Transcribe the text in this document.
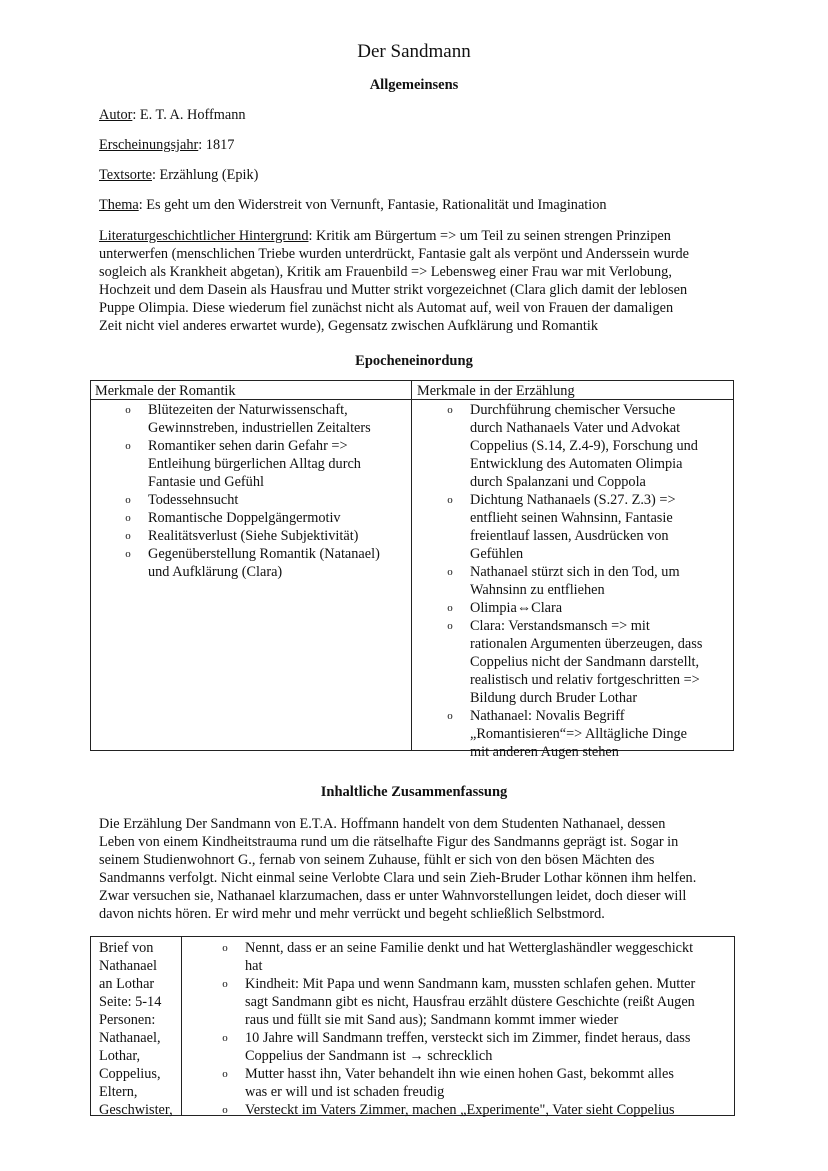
Der Sandmann
Allgemeinsens
Autor: E. T. A. Hoffmann
Erscheinungsjahr: 1817
Textsorte: Erzählung (Epik)
Thema: Es geht um den Widerstreit von Vernunft, Fantasie, Rationalität und Imagination
Literaturgeschichtlicher Hintergrund: Kritik am Bürgertum => um Teil zu seinen strengen Prinzipen
unterwerfen (menschlichen Triebe wurden unterdrückt, Fantasie galt als verpönt und Anderssein wurde
sogleich als Krankheit abgetan), Kritik am Frauenbild => Lebensweg einer Frau war mit Verlobung,
Hochzeit und dem Dasein als Hausfrau und Mutter strikt vorgezeichnet (Clara glich damit der leblosen
Puppe Olimpia. Diese wiederum fiel zunächst nicht als Automat auf, weil von Frauen der damaligen
Zeit nicht viel anderes erwartet wurde), Gegensatz zwischen Aufklärung und Romantik
Epocheneinordung
Merkmale der Romantik	Merkmale in der Erzählung
o Blütezeiten der Naturwissenschaft,
Gewinnstreben, industriellen Zeitalters
o Romantiker sehen darin Gefahr =>
Entleihung bürgerlichen Alltag durch
Fantasie und Gefühl
o Todessehnsucht
o Romantische Doppelgängermotiv
o Realitätsverlust (Siehe Subjektivität)
o Gegenüberstellung Romantik (Natanael)
und Aufklärung (Clara)
o Durchführung chemischer Versuche
durch Nathanaels Vater und Advokat
Coppelius (S.14, Z.4-9), Forschung und
Entwicklung des Automaten Olimpia
durch Spalanzani und Coppola
o Dichtung Nathanaels (S.27. Z.3) =>
entflieht seinen Wahnsinn, Fantasie
freientlauf lassen, Ausdrücken von
Gefühlen
o Nathanael stürzt sich in den Tod, um
Wahnsinn zu entfliehen
o Olimpia⇔Clara
o Clara: Verstandsmansch => mit
rationalen Argumenten überzeugen, dass
Coppelius nicht der Sandmann darstellt,
realistisch und relativ fortgeschritten =>
Bildung durch Bruder Lothar
o Nathanael: Novalis Begriff
„Romantisieren“=> Alltägliche Dinge
mit anderen Augen stehen
Inhaltliche Zusammenfassung
Die Erzählung Der Sandmann von E.T.A. Hoffmann handelt von dem Studenten Nathanael, dessen
Leben von einem Kindheitstrauma rund um die rätselhafte Figur des Sandmanns geprägt ist. Sogar in
seinem Studienwohnort G., fernab von seinem Zuhause, fühlt er sich von den bösen Mächten des
Sandmanns verfolgt. Nicht einmal seine Verlobte Clara und sein Zieh-Bruder Lothar können ihm helfen.
Zwar versuchen sie, Nathanael klarzumachen, dass er unter Wahnvorstellungen leidet, doch dieser will
davon nichts hören. Er wird mehr und mehr verrückt und begeht schließlich Selbstmord.
Brief von
Nathanael
an Lothar
Seite: 5-14
Personen:
Nathanael,
Lothar,
Coppelius,
Eltern,
Geschwister,
o Nennt, dass er an seine Familie denkt und hat Wetterglashändler weggeschickt
hat
o Kindheit: Mit Papa und wenn Sandmann kam, mussten schlafen gehen. Mutter
sagt Sandmann gibt es nicht, Hausfrau erzählt düstere Geschichte (reißt Augen
raus und füllt sie mit Sand aus); Sandmann kommt immer wieder
o 10 Jahre will Sandmann treffen, versteckt sich im Zimmer, findet heraus, dass
Coppelius der Sandmann ist → schrecklich
o Mutter hasst ihn, Vater behandelt ihn wie einen hohen Gast, bekommt alles
was er will und ist schaden freudig
o Versteckt im Vaters Zimmer, machen „Experimente", Vater sieht Coppelius
